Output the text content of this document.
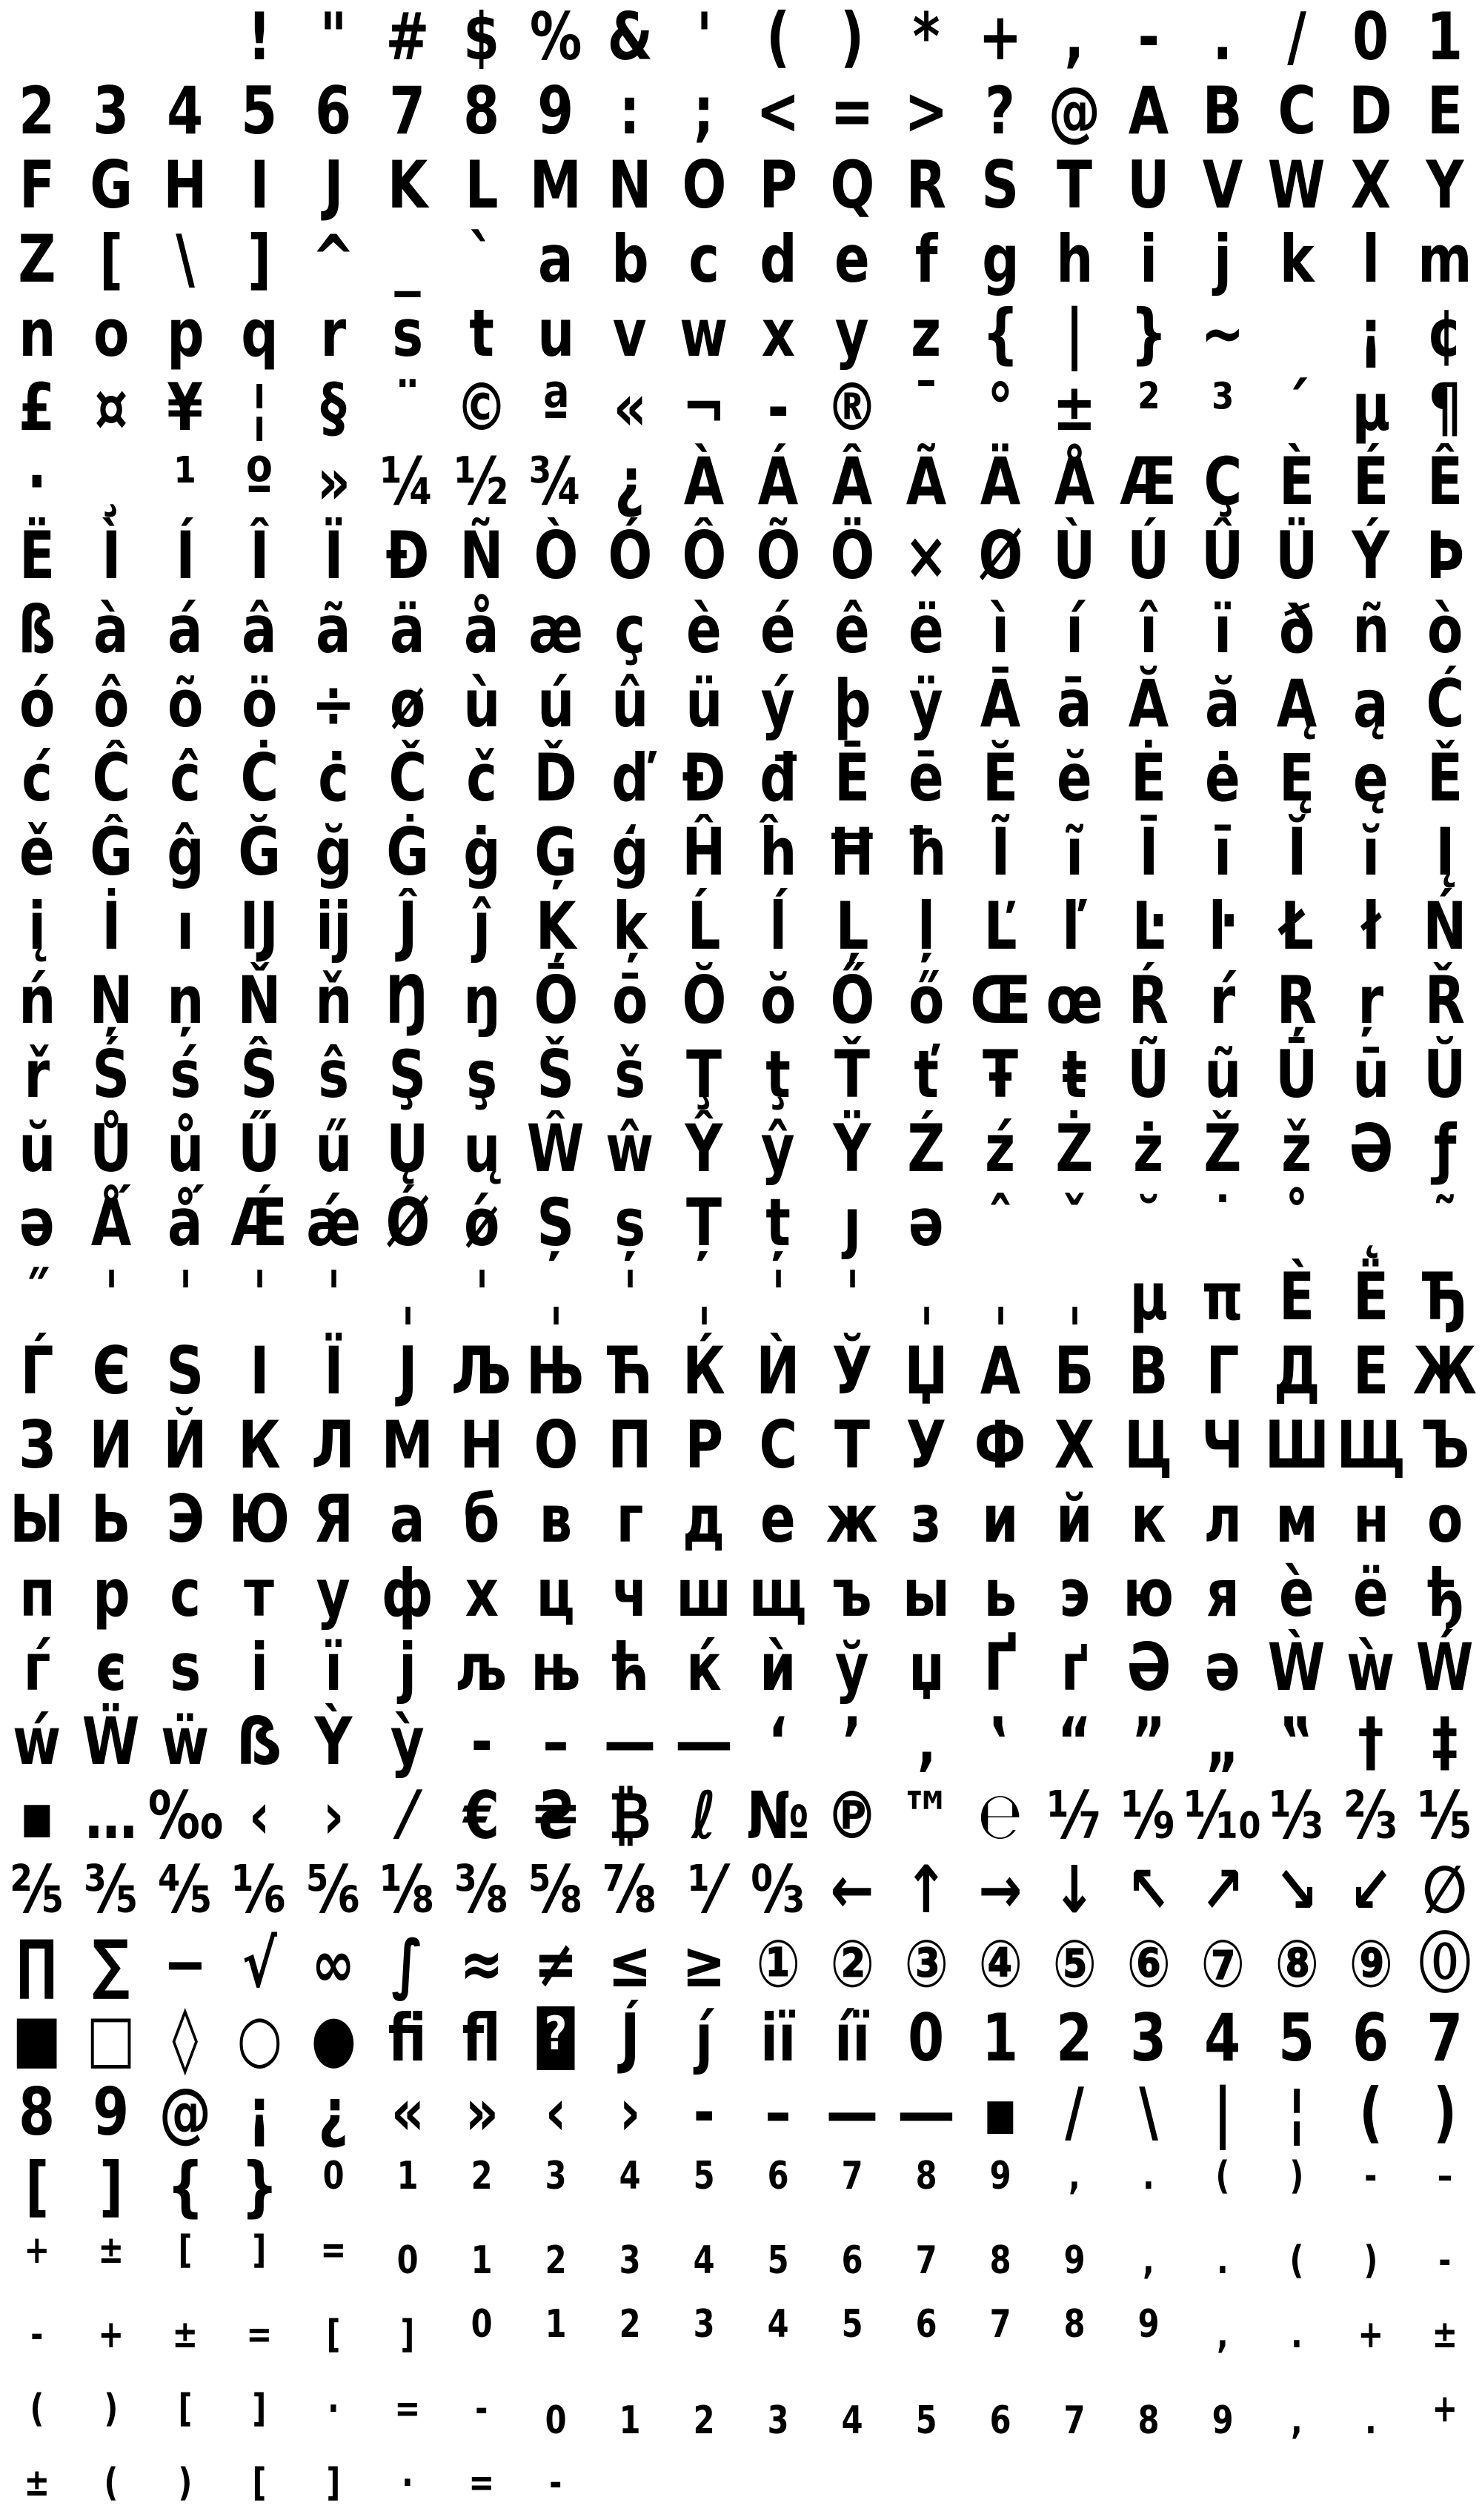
! " # $ % & ' ( ) * + , - . / 0 1
2 3 4 5 6 7 8 9 : ; < = > ? @ A B C D E
F G H I J K L M N O P Q R S T U V W X Y
Z [ \ ] ^ _ ` a b c d e f g h i j k l m
n o p q r s t u v w x y z { | } ~ ¡ ¢
£ ¤ ¥ ¦ § ¨ © ª « ¬ - ® ¯ ° ± ² ³ ´ µ ¶
· ¸ ¹ º » ¼ ½ ¾ ¿ À Á Â Ã Ä Å Æ Ç È É Ê
Ë Ì Í Î Ï Ð Ñ Ò Ó Ô Õ Ö × Ø Ù Ú Û Ü Ý Þ
ß à á â ã ä å æ ç è é ê ë ì í î ï ð ñ ò
ó ô õ ö ÷ ø ù ú û ü ý þ ÿ Ā ā Ă ă Ą ą Ć
ć Ĉ ĉ Ċ ċ Č č Ď ď Đ đ Ē ē Ĕ ĕ Ė ė Ę ę Ě
ě Ĝ ĝ Ğ ğ Ġ ġ Ģ ģ Ĥ ĥ Ħ ħ Ĩ ĩ Ī ī Ĭ ĭ Į
į İ ı Ĳ ĳ Ĵ ĵ Ķ ķ Ĺ ĺ Ļ ļ Ľ ľ Ŀ ŀ Ł ł Ń
ń Ņ ņ Ň ň Ŋ ŋ Ō ō Ŏ ŏ Ő ő Œ œ Ŕ ŕ Ŗ ŗ Ř
ř Ś ś Ŝ ŝ Ş ş Š š Ţ ţ Ť ť Ŧ ŧ Ũ ũ Ū ū Ŭ
ŭ Ů ů Ű ű Ų ų Ŵ ŵ Ŷ ŷ Ÿ Ź ź Ż ż Ž ž Ə ƒ
ə Ǻ ǻ Ǽ ǽ Ǿ ǿ Ș ș Ț ț ȷ ǝ ˆ ˇ ˘ ˙ ˚ ˛ ˜
˝ ˈ ˈ ˈ ˈ ˌ ˈ ˌ ˈ ˌ ˈ ˈ ˌ ˌ ˌ µ π Ѐ Ё Ђ
Ѓ Є Ѕ І Ї Ј Љ Њ Ћ Ќ Ѝ Ў Џ А Б В Г Д Е Ж
З И Й К Л М Н О П Р С Т У Ф Х Ц Ч Ш Щ Ъ
Ы Ь Э Ю Я а б в г д е ж з и й к л м н о
п р с т у ф х ц ч ш щ ъ ы ь э ю я ѐ ё ђ
ѓ є ѕ і ї ј љ њ ћ ќ ѝ ў џ Ґ ґ Ә ә Ẁ ẁ Ẃ
ẃ Ẅ ẅ ẞ Ỳ ỳ ‐ – — ― ‘ ’ ‚ ‛ “ ” „ ‟ † ‡
▪ … ‰ ‹ › ⁄ € ₴ ₿ ℓ № ℗ ™ ℮ ⅐ ⅑ ⅒ ⅓ ⅔ ⅕
⅖ ⅗ ⅘ ⅙ ⅚ ⅛ ⅜ ⅝ ⅞ ⅟ ↉ ← ↑ → ↓ ↖ ↗ ↘ ↙ ∅
∏ ∑ − √ ∞ ∫ ≈ ≠ ≤ ≥ ① ② ③ ④ ⑤ ⑥ ⑦ ⑧ ⑨ ⓪
■ □ ◊ ○ ● ﬁ ﬂ ? J́ ȷ́ iï íï 0 1 2 3 4 5 6 7
8 9 @ ¡ ¿ « » ‹ › ‐ – — ― ▪ / \ | ¦ ( )
[ ] { } 0 1 2 3 4 5 6 7 8 9 , . ( ) - –
+ ± [ ] = 0 1 2 3 4 5 6 7 8 9 , . ( ) -
- + ± = [ ] 0 1 2 3 4 5 6 7 8 9 , . + ±
( ) [ ] · = - 0 1 2 3 4 5 6 7 8 9 , . +
± ( ) [ ] · = -
